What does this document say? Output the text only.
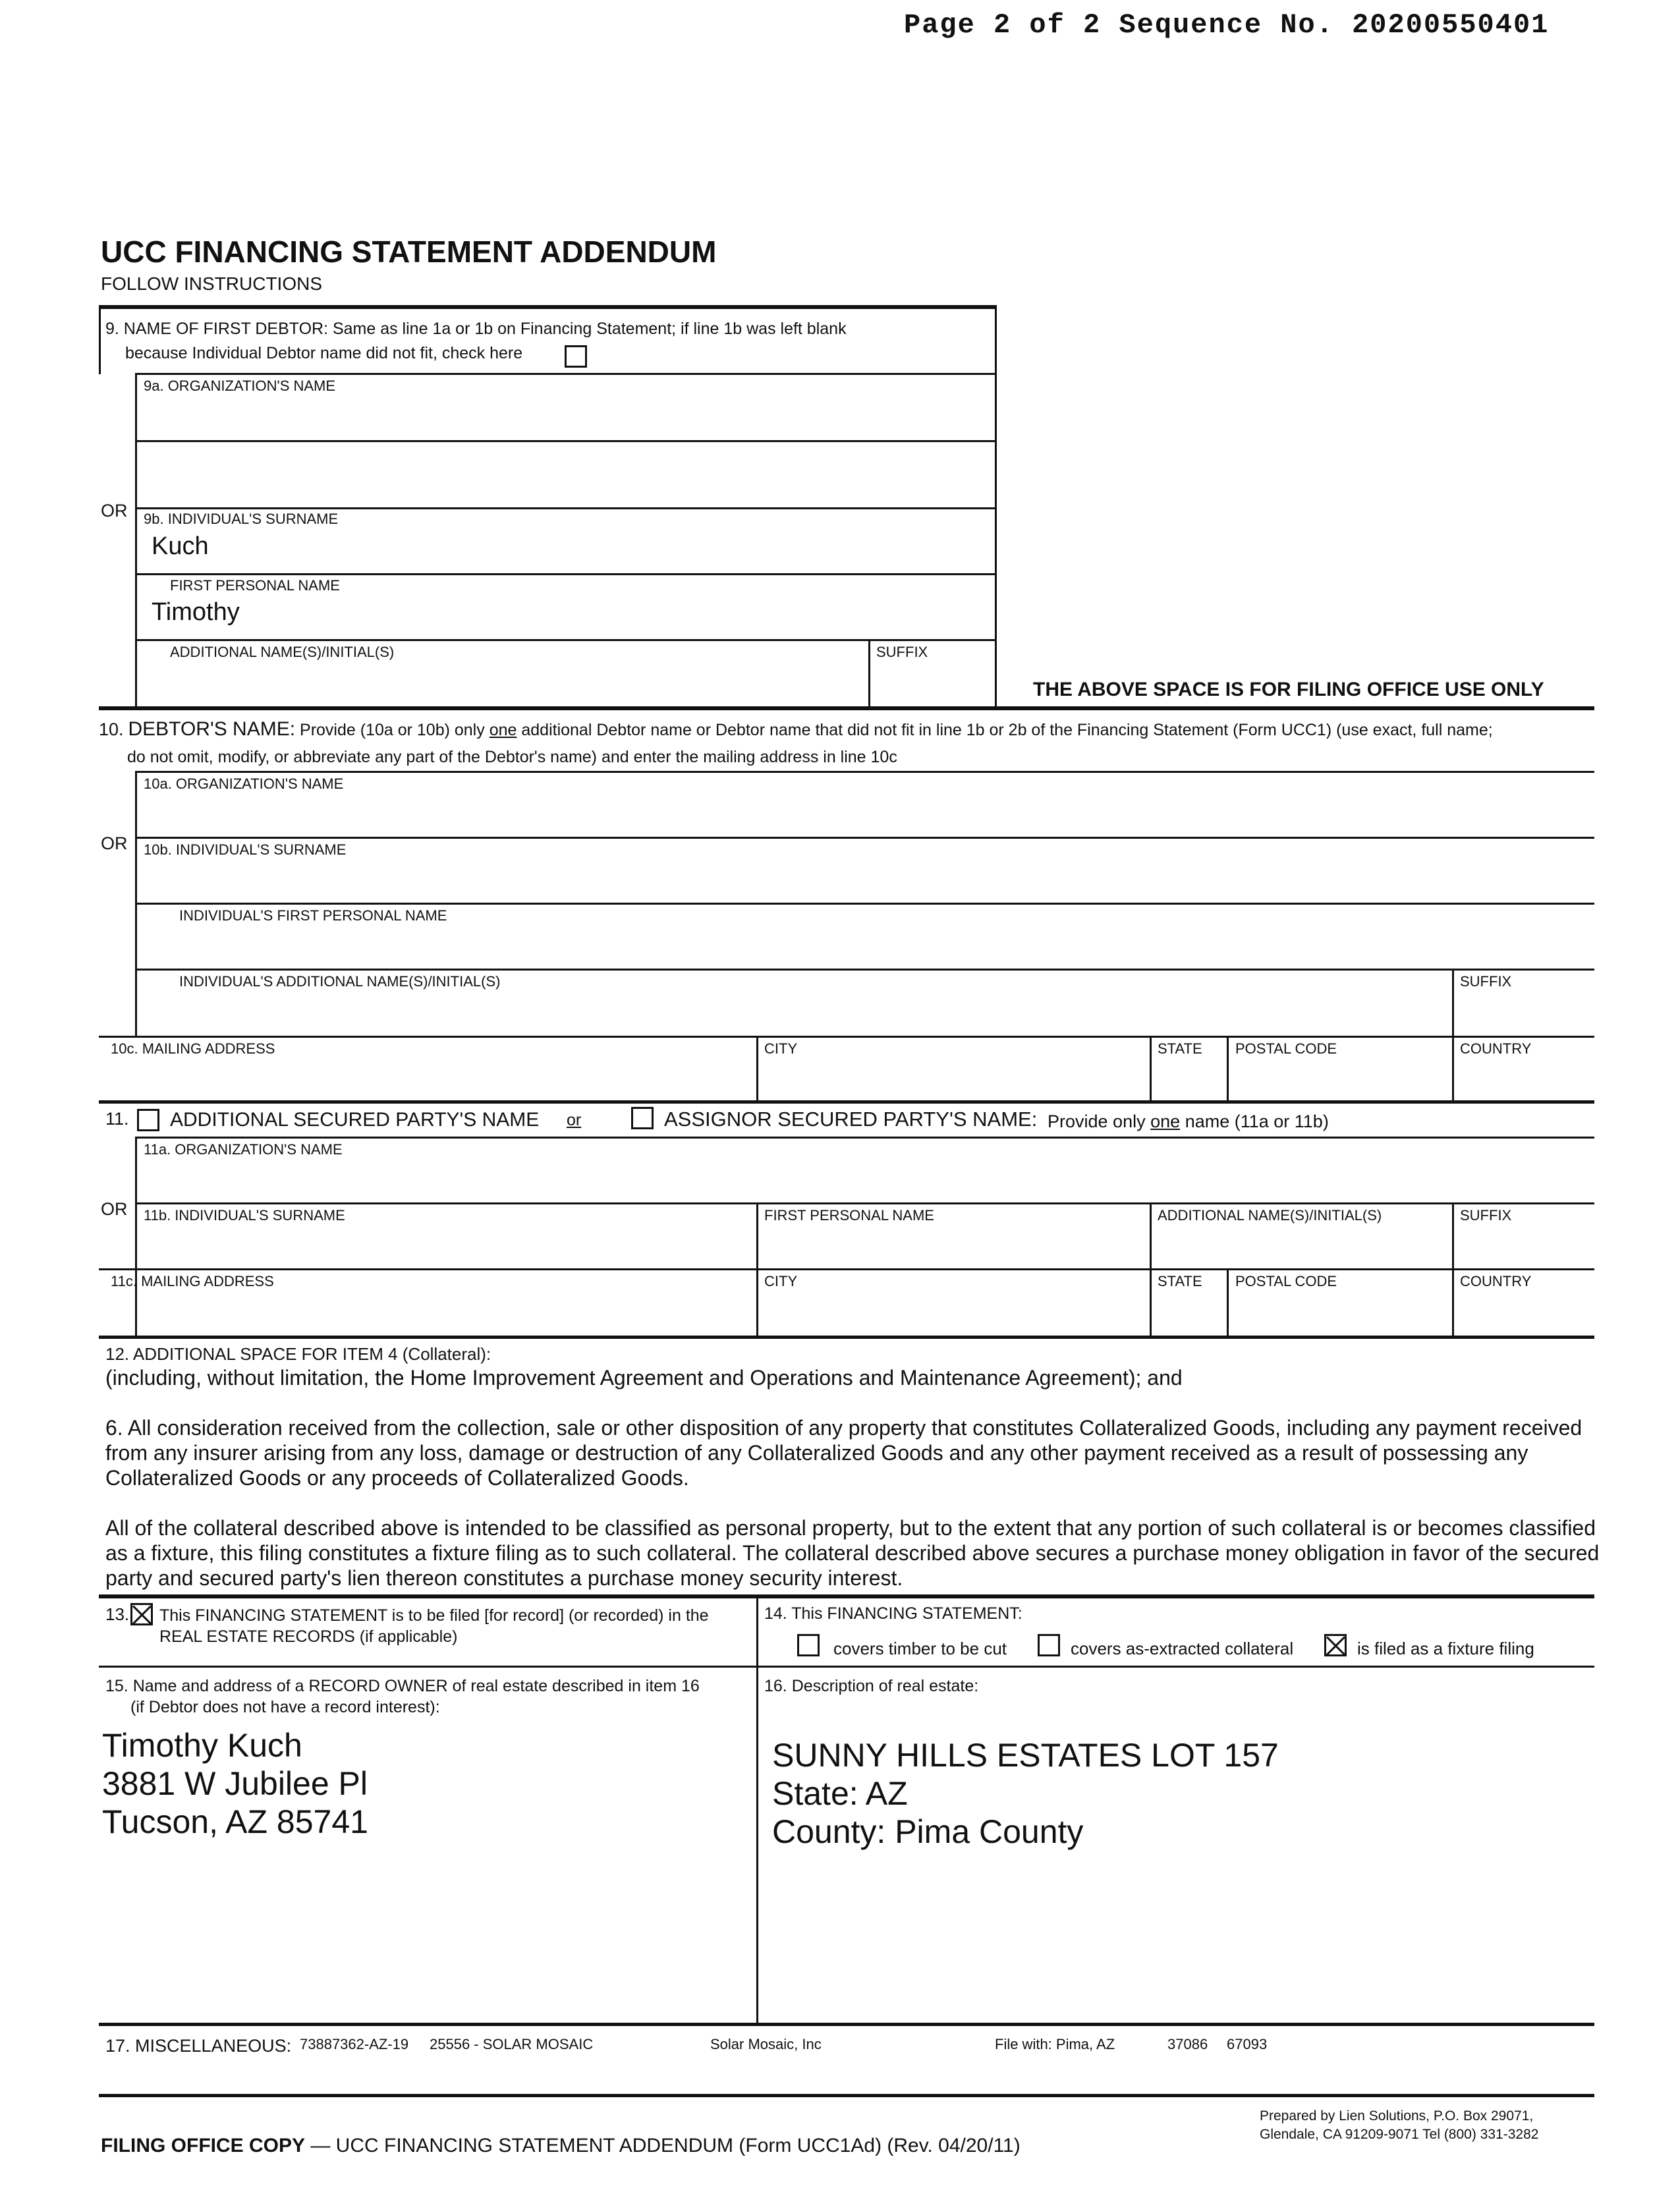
Page 2 of 2 Sequence No. 20200550401
UCC FINANCING STATEMENT ADDENDUM
FOLLOW INSTRUCTIONS
9. NAME OF FIRST DEBTOR: Same as line 1a or 1b on Financing Statement; if line 1b was left blank
because Individual Debtor name did not fit, check here
9a. ORGANIZATION'S NAME
OR 9b. INDIVIDUAL'S SURNAME
Kuch
FIRST PERSONAL NAME
Timothy
ADDITIONAL NAME(S)/INITIAL(S)	SUFFIX
THE ABOVE SPACE IS FOR FILING OFFICE USE ONLY
10. DEBTOR'S NAME: Provide (10a or 10b) only one additional Debtor name or Debtor name that did not fit in line 1b or 2b of the Financing Statement (Form UCC1) (use exact, full name;
do not omit, modify, or abbreviate any part of the Debtor's name) and enter the mailing address in line 10c
10a. ORGANIZATION'S NAME
OR 10b. INDIVIDUAL'S SURNAME
INDIVIDUAL'S FIRST PERSONAL NAME
INDIVIDUAL'S ADDITIONAL NAME(S)/INITIAL(S)	SUFFIX
10c. MAILING ADDRESS	CITY	STATE POSTAL CODE	COUNTRY
11. ADDITIONAL SECURED PARTY'S NAME or	ASSIGNOR SECURED PARTY'S NAME: Provide only one name (11a or 11b)
11a. ORGANIZATION'S NAME
OR 11b. INDIVIDUAL'S SURNAME	FIRST PERSONAL NAME	ADDITIONAL NAME(S)/INITIAL(S)	SUFFIX
11c. MAILING ADDRESS	CITY	STATE POSTAL CODE	COUNTRY
12. ADDITIONAL SPACE FOR ITEM 4 (Collateral):
(including, without limitation, the Home Improvement Agreement and Operations and Maintenance Agreement); and
6. All consideration received from the collection, sale or other disposition of any property that constitutes Collateralized Goods, including any payment received from any insurer arising from any loss, damage or destruction of any Collateralized Goods and any other payment received as a result of possessing any Collateralized Goods or any proceeds of Collateralized Goods.
All of the collateral described above is intended to be classified as personal property, but to the extent that any portion of such collateral is or becomes classified as a fixture, this filing constitutes a fixture filing as to such collateral. The collateral described above secures a purchase money obligation in favor of the secured party and secured party's lien thereon constitutes a purchase money security interest.
13. This FINANCING STATEMENT is to be filed [for record] (or recorded) in the
REAL ESTATE RECORDS (if applicable)
14. This FINANCING STATEMENT:
covers timber to be cut	covers as-extracted collateral	is filed as a fixture filing
15. Name and address of a RECORD OWNER of real estate described in item 16
(if Debtor does not have a record interest):
Timothy Kuch
3881 W Jubilee Pl
Tucson, AZ 85741
16. Description of real estate:
SUNNY HILLS ESTATES LOT 157
State: AZ
County: Pima County
17. MISCELLANEOUS: 73887362-AZ-19 25556 - SOLAR MOSAIC	Solar Mosaic, Inc	File with: Pima, AZ	37086 67093
FILING OFFICE COPY — UCC FINANCING STATEMENT ADDENDUM (Form UCC1Ad) (Rev. 04/20/11)
Prepared by Lien Solutions, P.O. Box 29071,
Glendale, CA 91209-9071 Tel (800) 331-3282
